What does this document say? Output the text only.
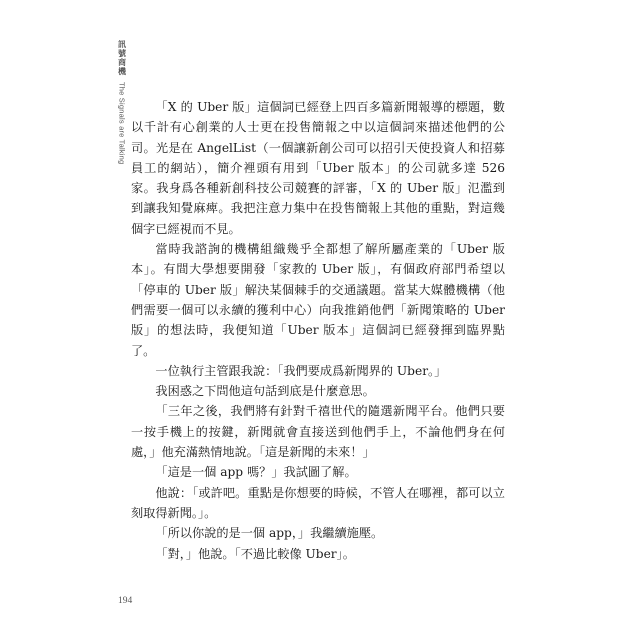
訊號商機
The Signals are Talking	「X 的 Uber 版」這個詞已經登上四百多篇新聞報導的標題，數以千計有心創業的人士更在投售簡報之中以這個詞來描述他們的公司。光是在 AngelList（一個讓新創公司可以招引天使投資人和招募員工的網站），簡介裡頭有用到「Uber 版本」的公司就多達 526 家。我身爲各種新創科技公司競賽的評審，「X 的 Uber 版」氾濫到到讓我知覺麻痺。我把注意力集中在投售簡報上其他的重點，對這幾個字已經視而不見。

當時我諮詢的機構組織幾乎全都想了解所屬產業的「Uber 版本」。有間大學想要開發「家教的 Uber 版」，有個政府部門希望以「停車的 Uber 版」解決某個棘手的交通議題。當某大媒體機構（他們需要一個可以永續的獲利中心）向我推銷他們「新聞策略的 Uber 版」的想法時，我便知道「Uber 版本」這個詞已經發揮到臨界點了。

一位執行主管跟我說：「我們要成爲新聞界的 Uber。」

我困惑之下問他這句話到底是什麼意思。

「三年之後，我們將有針對千禧世代的隨選新聞平台。他們只要一按手機上的按鍵，新聞就會直接送到他們手上，不論他們身在何處，」他充滿熱情地說。「這是新聞的未來！」

「這是一個 app 嗎？」我試圖了解。

他說：「或許吧。重點是你想要的時候，不管人在哪裡，都可以立刻取得新聞。」。

「所以你說的是一個 app，」我繼續施壓。

「對，」他說。「不過比較像 Uber」。

194
